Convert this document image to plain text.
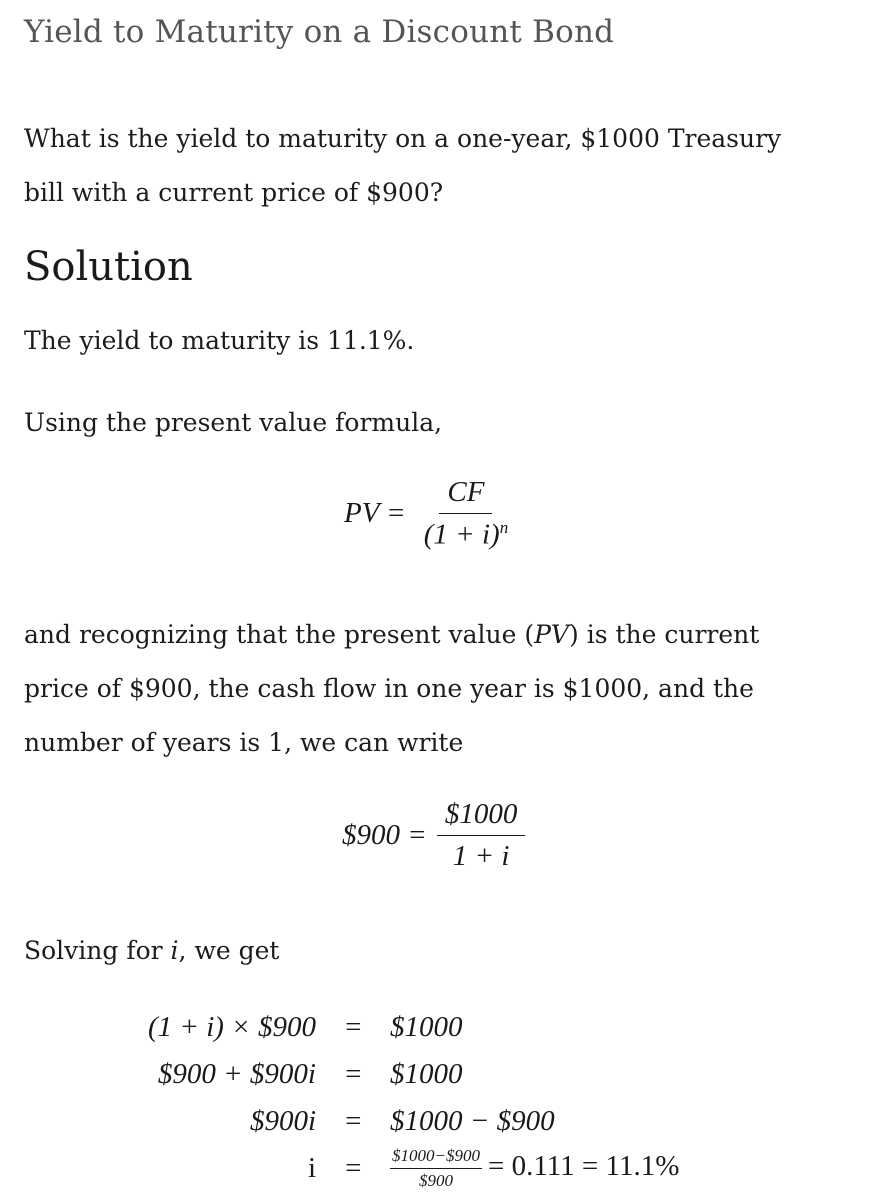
Yield to Maturity on a Discount Bond
What is the yield to maturity on a one-year, $1000 Treasury
bill with a current price of $900?
Solution
The yield to maturity is 11.1%.
Using the present value formula,
PV = $\frac{CF}{(1 + i)^n}$
and recognizing that the present value (PV) is the current
price of $900, the cash flow in one year is $1000, and the
number of years is 1, we can write
$900 = $\frac{\$1000}{1 + i}$
Solving for i, we get
(1 + i) × $900	=	$1000
$900 + $900i	=	$1000
$900i	=	$1000 − $900
i	=	$\frac{\$1000-\$900}{\$900} = 0.111 = 11.1\%$
